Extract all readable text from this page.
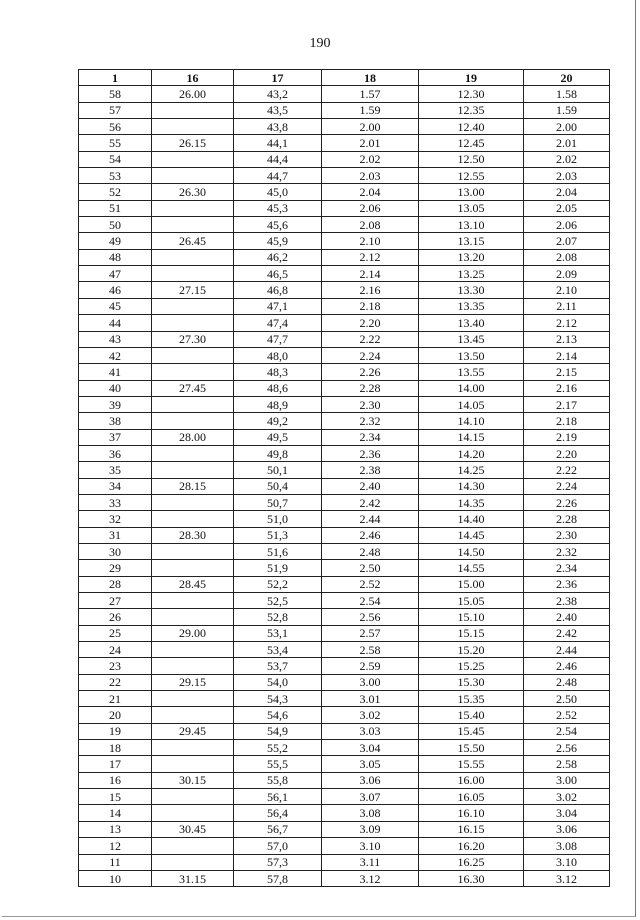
190
1	16	17	18	19	20
58	26.00	43,2	1.57	12.30	1.58
57		43,5	1.59	12.35	1.59
56		43,8	2.00	12.40	2.00
55	26.15	44,1	2.01	12.45	2.01
54		44,4	2.02	12.50	2.02
53		44,7	2.03	12.55	2.03
52	26.30	45,0	2.04	13.00	2.04
51		45,3	2.06	13.05	2.05
50		45,6	2.08	13.10	2.06
49	26.45	45,9	2.10	13.15	2.07
48		46,2	2.12	13.20	2.08
47		46,5	2.14	13.25	2.09
46	27.15	46,8	2.16	13.30	2.10
45		47,1	2.18	13.35	2.11
44		47,4	2.20	13.40	2.12
43	27.30	47,7	2.22	13.45	2.13
42		48,0	2.24	13.50	2.14
41		48,3	2.26	13.55	2.15
40	27.45	48,6	2.28	14.00	2.16
39		48,9	2.30	14.05	2.17
38		49,2	2.32	14.10	2.18
37	28.00	49,5	2.34	14.15	2.19
36		49,8	2.36	14.20	2.20
35		50,1	2.38	14.25	2.22
34	28.15	50,4	2.40	14.30	2.24
33		50,7	2.42	14.35	2.26
32		51,0	2.44	14.40	2.28
31	28.30	51,3	2.46	14.45	2.30
30		51,6	2.48	14.50	2.32
29		51,9	2.50	14.55	2.34
28	28.45	52,2	2.52	15.00	2.36
27		52,5	2.54	15.05	2.38
26		52,8	2.56	15.10	2.40
25	29.00	53,1	2.57	15.15	2.42
24		53,4	2.58	15.20	2.44
23		53,7	2.59	15.25	2.46
22	29.15	54,0	3.00	15.30	2.48
21		54,3	3.01	15.35	2.50
20		54,6	3.02	15.40	2.52
19	29.45	54,9	3.03	15.45	2.54
18		55,2	3.04	15.50	2.56
17		55,5	3.05	15.55	2.58
16	30.15	55,8	3.06	16.00	3.00
15		56,1	3.07	16.05	3.02
14		56,4	3.08	16.10	3.04
13	30.45	56,7	3.09	16.15	3.06
12		57,0	3.10	16.20	3.08
11		57,3	3.11	16.25	3.10
10	31.15	57,8	3.12	16.30	3.12
